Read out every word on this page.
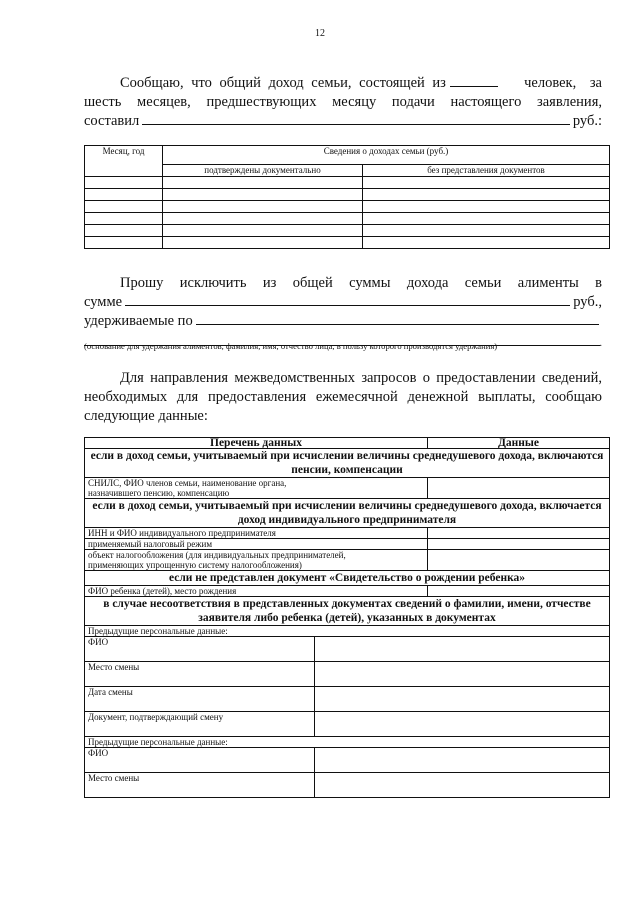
12
Сообщаю, что общий доход семьи, состоящей из	человек, за
шесть месяцев, предшествующих месяцу подачи настоящего заявления,
составил	руб.:
Месяц, год	Сведения о доходах семьи (руб.)	
	подтверждены документально	без представления документов

Прошу исключить из общей суммы дохода семьи алименты в
сумме	руб.,
удерживаемые по
.
(основание для удержания алиментов, фамилия, имя, отчество лица, в пользу которого производятся удержания)
Для направления межведомственных запросов о предоставлении сведений,
необходимых для предоставления ежемесячной денежной выплаты, сообщаю
следующие данные:
Перечень данных		Данные
если в доход семьи, учитываемый при исчислении величины среднедушевого дохода, включаются пенсии, компенсации		
СНИЛС, ФИО членов семьи, наименование органа, назначившего пенсию, компенсацию		
если в доход семьи, учитываемый при исчислении величины среднедушевого дохода, включается доход индивидуального предпринимателя		
ИНН и ФИО индивидуального предпринимателя		
применяемый налоговый режим		
объект налогообложения (для индивидуальных предпринимателей, применяющих упрощенную систему налогообложения)		
если не представлен документ «Свидетельство о рождении ребенка»		
ФИО ребенка (детей), место рождения		
в случае несоответствия в представленных документах сведений о фамилии, имени, отчестве заявителя либо ребенка (детей), указанных в документах		
Предыдущие персональные данные:		
ФИО		
Место смены		
Дата смены		
Документ, подтверждающий смену		
Предыдущие персональные данные:		
ФИО		
Место смены		
